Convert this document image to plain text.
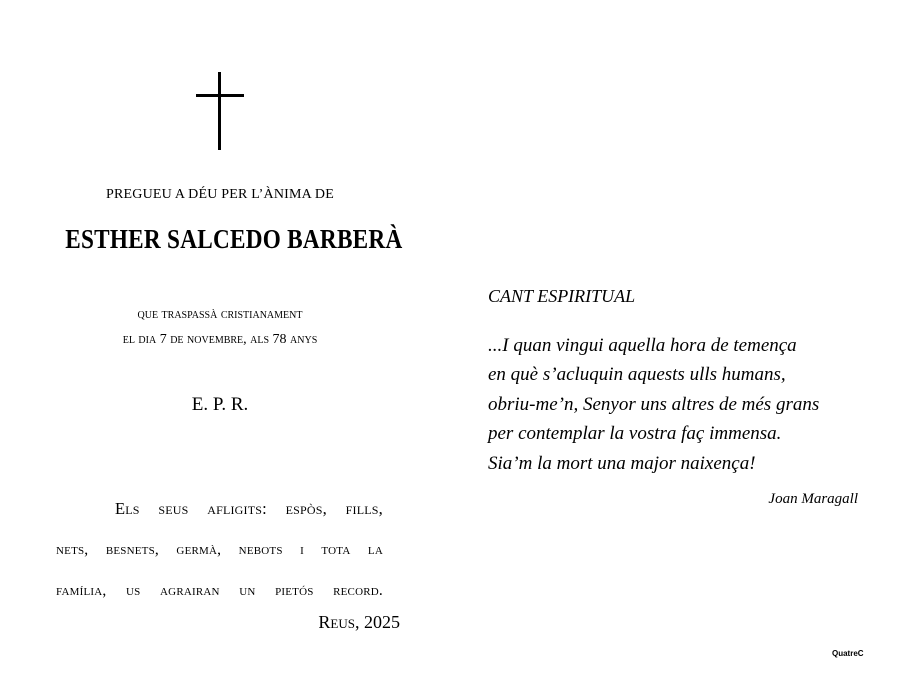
PREGUEU A DÉU PER L’ÀNIMA DE
ESTHER SALCEDO BARBERÀ
que traspassà cristianament
el dia 7 de novembre, als 78 anys
E. P. R.
Els seus afligits: espòs, fills,
nets, besnets, germà, nebots i tota la
família, us agrairan un pietós record.
Reus, 2025
CANT ESPIRITUAL
...I quan vingui aquella hora de temença
en què s’acluquin aquests ulls humans,
obriu-me’n, Senyor uns altres de més grans
per contemplar la vostra faç immensa.
Sia’m la mort una major naixença!
Joan Maragall
QuatreC
